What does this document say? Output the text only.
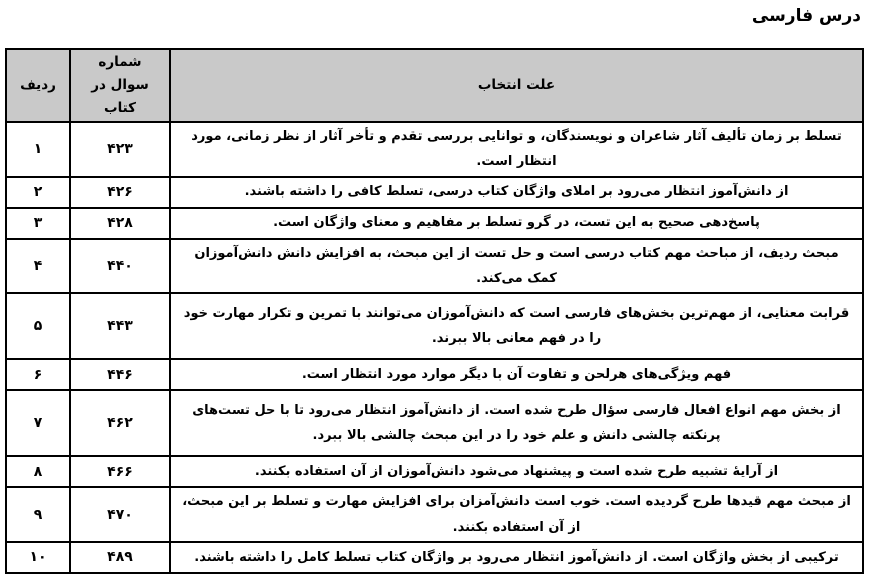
درس فارسی
علت انتخاب	شماره سوال در کتاب	ردیف
تسلط بر زمان تألیف آثار شاعران و نویسندگان، و توانایی بررسی تقدم و تأخر آثار از نظر زمانی، مورد انتظار است.	۴۲۳	۱
از دانش‌آموز انتظار می‌رود بر املای واژگان کتاب درسی، تسلط کافی را داشته باشند.	۴۲۶	۲
پاسخ‌دهی صحیح به این تست، در گرو تسلط بر مفاهیم و معنای واژگان است.	۴۲۸	۳
مبحث ردیف، از مباحث مهم کتاب درسی است و حل تست از این مبحث، به افزایش دانش دانش‌آموزان کمک می‌کند.	۴۴۰	۴
قرابت معنایی، از مهم‌ترین بخش‌های فارسی است که دانش‌آموزان می‌توانند با تمرین و تکرار مهارت خود را در فهم معانی بالا ببرند.	۴۴۳	۵
فهم ویژگی‌های هرلحن و تفاوت آن با دیگر موارد مورد انتظار است.	۴۴۶	۶
از بخش مهم انواع افعال فارسی سؤال طرح شده است. از دانش‌آموز انتظار می‌رود تا با حل تست‌های پرنکته چالشی دانش و علم خود را در این مبحث چالشی بالا ببرد.	۴۶۲	۷
از آرایهٔ تشبیه طرح شده است و پیشنهاد می‌شود دانش‌آموزان از آن استفاده بکنند.	۴۶۶	۸
از مبحث مهم قیدها طرح گردیده است. خوب است دانش‌آمزان برای افزایش مهارت و تسلط بر این مبحث، از آن استفاده بکنند.	۴۷۰	۹
ترکیبی از بخش واژگان است. از دانش‌آموز انتظار می‌رود بر واژگان کتاب تسلط کامل را داشته باشند.	۴۸۹	۱۰
